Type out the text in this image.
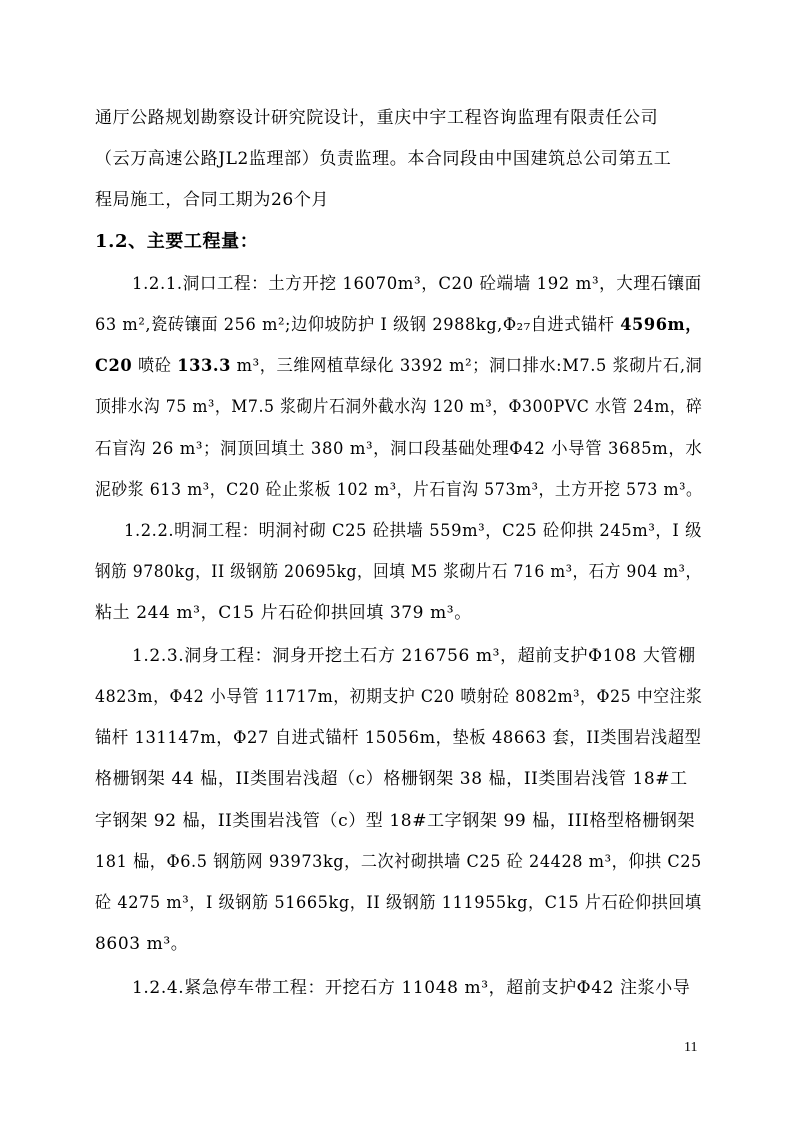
通厅公路规划勘察设计研究院设计，重庆中宇工程咨询监理有限责任公司
（云万高速公路JL2监理部）负责监理。本合同段由中国建筑总公司第五工
程局施工，合同工期为26个月
1.2、主要工程量：
1.2.1.洞口工程：土方开挖 16070m³，C20 砼端墙 192 m³，大理石镶面
63 m²,瓷砖镶面 256 m²;边仰坡防护 I 级钢 2988kg,Φ₂₇自进式锚杆 4596m，
C20 喷砼 133.3 m³，三维网植草绿化 3392 m²；洞口排水:M7.5 浆砌片石,洞
顶排水沟 75 m³，M7.5 浆砌片石洞外截水沟 120 m³，Φ300PVC 水管 24m，碎
石盲沟 26 m³；洞顶回填土 380 m³，洞口段基础处理Φ42 小导管 3685m，水
泥砂浆 613 m³，C20 砼止浆板 102 m³，片石盲沟 573m³，土方开挖 573 m³。
1.2.2.明洞工程：明洞衬砌 C25 砼拱墙 559m³，C25 砼仰拱 245m³，I 级
钢筋 9780kg，II 级钢筋 20695kg，回填 M5 浆砌片石 716 m³，石方 904 m³，
粘土 244 m³，C15 片石砼仰拱回填 379 m³。
1.2.3.洞身工程：洞身开挖土石方 216756 m³，超前支护Φ108 大管棚
4823m，Φ42 小导管 11717m，初期支护 C20 喷射砼 8082m³，Φ25 中空注浆
锚杆 131147m，Φ27 自进式锚杆 15056m，垫板 48663 套，II类围岩浅超型
格栅钢架 44 榀，II类围岩浅超（c）格栅钢架 38 榀，II类围岩浅管 18#工
字钢架 92 榀，II类围岩浅管（c）型 18#工字钢架 99 榀，III格型格栅钢架
181 榀，Φ6.5 钢筋网 93973kg，二次衬砌拱墙 C25 砼 24428 m³，仰拱 C25
砼 4275 m³，I 级钢筋 51665kg，II 级钢筋 111955kg，C15 片石砼仰拱回填
8603 m³。
1.2.4.紧急停车带工程：开挖石方 11048 m³，超前支护Φ42 注浆小导
11
